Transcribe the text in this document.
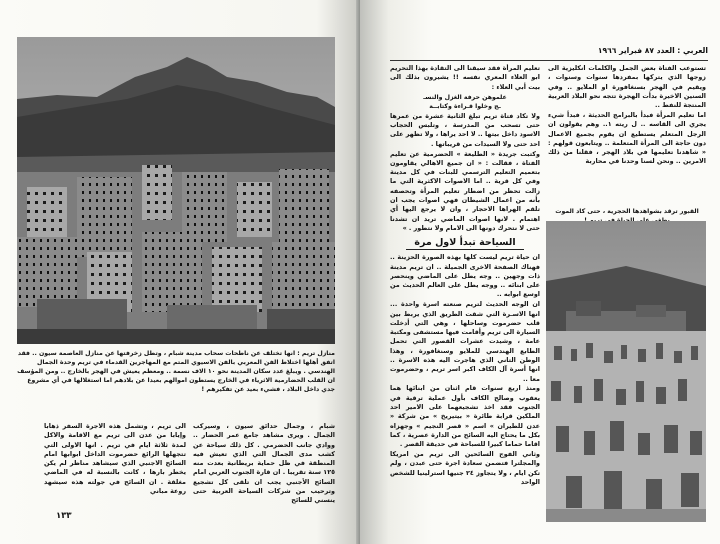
منازل تريم : انها تختلف عن ناطحات سحاب مدينة شبام ، وتطل زخرفتها عن منازل العاصمة سيون .. فقد اتفق أهلها اختلاط الفن المعربي بالفن الاسيوي المتم مع المهاجرين القدماء في تريم وحدة الجمال الهندسي . ويبلغ عدد سكان المدينة نحو ١٠ الاف نسمة .. ومعظم يعيش في الهجر بالخارج .. ومن المؤسف ان القلب الحضارمية الاثرياء في الخارج يستطون اموالهم بعيدا عن بلادهم اما استغلالها في أي مشروع جدي داخل البلاد ، فشيء بعيد عن تفكيرهم !

شبام ، وجمال حدائق سيون ، وسيركب الجمال . ويرى مشاهد جامع عمر الحضار .. ووادي جانب الحضرمي . كل ذلك سياحة عن كشب مدى الجمال التي الذي تعيش فيه المنطقة في ظل حماية بريطانية بعدت منه ١٢٥ سنة تقريبا . ان قارة الجنوب العربي امام السائح الأجنبي يجب ان تلقى كل تشجيع وترحيب من شركات السياحة العربية حتى ينسني للسائح

الى تريم ، وتشمل هذه الاجرة السفر ذهابا وإيابا من عدن الى تريم مع الاقامة والاكل لمدة ثلاثة ايام في تريم . انها الاولى التي تتجهلها الرائع حضرموت الداخل ابوابها امام السائح الاجنبي الذي سيشاهد مناظر لم يكن يخطر بارها ، كانت بالنسبة له في الماضي مغلقة . ان السائح في جولته هذه سيشهد روعة مباني

١٣٣
العربي : العدد ٨٧ فبراير ١٩٦٦

تستوعب الفتاة بعض الجمل والكلمات انكليزية الى زوجها الذي يتركها بمفردها سنوات وسنوات ، ويقيم في الهجر بسنغافورة او الملايو .. وفي السنين الاخيرة بدأت الهجرة تتجه نحو البلاد العربية المنتجة للنفط ..

اما تعليم المرأة فبدأ بالبرامج الحديثة ، فبدأ شيء يجري الى القاسه .. ل ريته ١.. وهم يقولون ان الرجل المتعلم يستطيع ان يقوم بجميع الاعمال دون حاجة الى المرأة المتعلمة .. ويتابعون قولهم : « شاهدنا تعليمها في بلاد الهجر ، فقلنا من ذلك الامرين .. ونحن لسنا وحدنا في محاربة

القبور ترقد بشواهدها الحجرية ، حتى كاد الموت

تعليم المرأة فقد سبقنا الى التقادة بهذا التحريم ابو العلاء المعري نفسه !! يشيرون بذلك الى بيت أبي العلاء :

علموهن حرفة الغزل والنسـ
ـج وخلوا قـراءة وكتابــة

ولا تكاد فتاة تريم تبلغ الثانية عشرة من عمرها حتى تسحب من المدرسة ، وتلبس الحجاب الاسود داخل بيتها .. لا احد يراها ، ولا تظهر على احد حتى ولا السيدات من قريباتها .

وكتبت جريدة « الطليعة » الحضرمية عن تعليم الفتاة ، فقالت : « ان جميع الاهالي يقاومون بتعميم التعليم الترسمي للبنات في كل مدينة وفي كل قرية .. اما الاصوات الاكثرية التي ما زالت تحظر من اضطار تعليم المرأة وتحصفه بأنه من اعمال الشيطان فهي اصوات يجب ان تلقم الهراها الاحجار ، وان لا يرجع اليها أي اهتمام . لانها اصوات الماضي تريد ان تشدنا حتى لا نتحرك دونها الى الامام ولا نتطور . »

السياحة تبدأ لاول مرة

ان حياة تريم ليست كلها بهذه الصورة الحزينة .. فهناك الصفحة الاخرى الجميلة .. ان تريم مدينة ذات وجهين .. وجه يطل على الماضي وينحصر على ابنائه .. ووجه يطل على العالم الحديث من اوسع ابوابه ..

ان الوجه الحديث لتريم صنعته اسرة واحدة ... انها الاسـرة التي شقت الطريق الذي يربط بين قلب حضرموت وساحلها ، وهي التي أدخلت السيارة الى تريم وأقامت فيها مستشفى ومكتبة عامة ، وشيدت عشرات القصور التي تحمل الطابع الهندسي للملايو وسنغافورة ، وهذا الوطن التاني الذي هاجرت اليه هذه الاسرة .. انها أسرة آل الكاف اكبر اسر تريم ، وحضرموت معا ..

ومنذ اربع سنوات قام اثنان من ابنائها هما يعقوب وصالح الكاف بأول عملية ترقية في الجنوب فقد اخذ تشجيعهما على الامير احد الملكين قرابة طائرة « بيتيريخ » من شركة « عدن للطيران » اسم « قصر النجيم » وجهزاه بكل ما يحتاج اليه السائح من الدارة عصرية ، كما اقاما حماما كبيرا للسباحة في حديقة القصر .

وثاني الفوج السائحين الى تريم من امريكا والمجلترا فتضمن سعادة اجرة حتى عبدن ، ولم تكن ايام ، ولا يتجاوز ٢٤ جنيها استرلينيا للشخص الواحد
